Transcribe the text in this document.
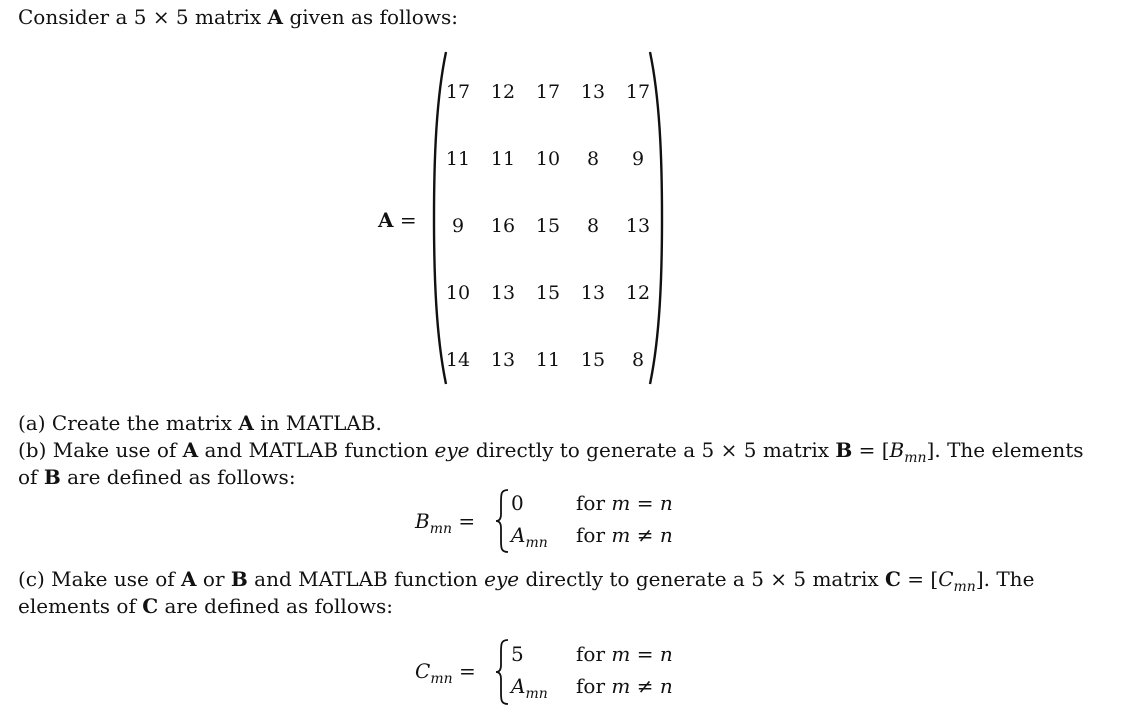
Consider a 5 × 5 matrix A given as follows:
A =
17	12	17	13	17
11	11	10	8	9
9	16	15	8	13
10	13	15	13	12
14	13	11	15	8
(a) Create the matrix A in MATLAB.
(b) Make use of A and MATLAB function eye directly to generate a 5 × 5 matrix $B = [B_{mn}]$. The elements
of B are defined as follows:
$B_{mn}$ =
0	for m = n
$A_{mn}$ for m ≠ n
(c) Make use of A or B and MATLAB function eye directly to generate a 5 × 5 matrix $C = [C_{mn}]$. The
elements of C are defined as follows:
$C_{mn}$ =
5	for m = n
$A_{mn}$ for m ≠ n
